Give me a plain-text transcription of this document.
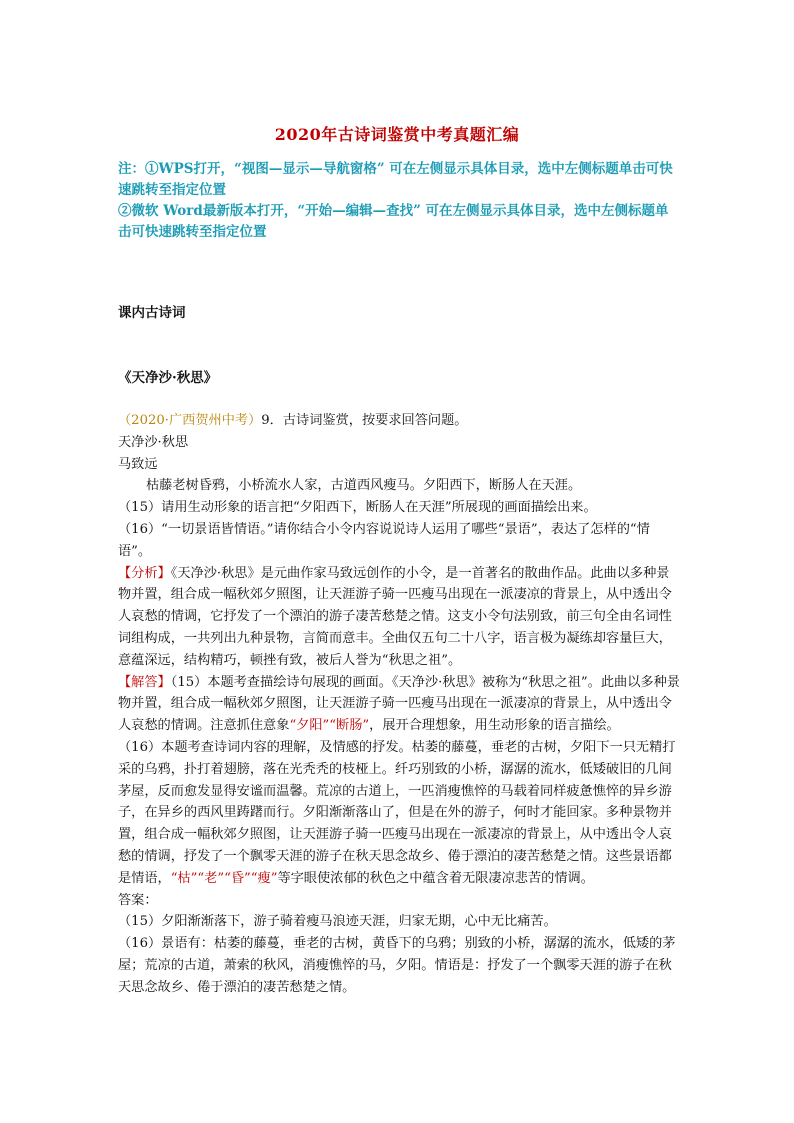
2020年古诗词鉴赏中考真题汇编
注：①WPS打开，“视图—显示—导航窗格” 可在左侧显示具体目录，选中左侧标题单击可快速跳转至指定位置
②微软 Word最新版本打开，“开始—编辑—查找” 可在左侧显示具体目录，选中左侧标题单击可快速跳转至指定位置
课内古诗词
《天净沙·秋思》

（2020·广西贺州中考）9．古诗词鉴赏，按要求回答问题。

天净沙·秋思

马致远

枯藤老树昏鸦，小桥流水人家，古道西风瘦马。夕阳西下，断肠人在天涯。

（15）请用生动形象的语言把“夕阳西下，断肠人在天涯”所展现的画面描绘出来。

（16）“一切景语皆情语。”请你结合小令内容说说诗人运用了哪些“景语”，表达了怎样的“情语”。

【分析】《天净沙·秋思》是元曲作家马致远创作的小令，是一首著名的散曲作品。此曲以多种景物并置，组合成一幅秋郊夕照图，让天涯游子骑一匹瘦马出现在一派凄凉的背景上，从中透出令人哀愁的情调，它抒发了一个漂泊的游子凄苦愁楚之情。这支小令句法别致，前三句全由名词性词组构成，一共列出九种景物，言简而意丰。全曲仅五句二十八字，语言极为凝练却容量巨大，意蕴深远，结构精巧，顿挫有致，被后人誉为“秋思之祖”。

【解答】（15）本题考查描绘诗句展现的画面。《天净沙·秋思》被称为“秋思之祖”。此曲以多种景物并置，组合成一幅秋郊夕照图，让天涯游子骑一匹瘦马出现在一派凄凉的背景上，从中透出令人哀愁的情调。注意抓住意象“夕阳”“断肠”，展开合理想象，用生动形象的语言描绘。

（16）本题考查诗词内容的理解，及情感的抒发。枯萎的藤蔓，垂老的古树，夕阳下一只无精打采的乌鸦，扑打着翅膀，落在光秃秃的枝桠上。纤巧别致的小桥，潺潺的流水，低矮破旧的几间茅屋，反而愈发显得安谧而温馨。荒凉的古道上，一匹消瘦憔悴的马载着同样疲惫憔悴的异乡游子，在异乡的西风里踌躇而行。夕阳渐渐落山了，但是在外的游子，何时才能回家。多种景物并置，组合成一幅秋郊夕照图，让天涯游子骑一匹瘦马出现在一派凄凉的背景上，从中透出令人哀愁的情调，抒发了一个飘零天涯的游子在秋天思念故乡、倦于漂泊的凄苦愁楚之情。这些景语都是情语，“枯”“老”“昏”“瘦”等字眼使浓郁的秋色之中蕴含着无限凄凉悲苦的情调。

答案：

（15）夕阳渐渐落下，游子骑着瘦马浪迹天涯，归家无期，心中无比痛苦。

（16）景语有：枯萎的藤蔓，垂老的古树，黄昏下的乌鸦；别致的小桥，潺潺的流水，低矮的茅屋；荒凉的古道，萧索的秋风，消瘦憔悴的马，夕阳。情语是：抒发了一个飘零天涯的游子在秋天思念故乡、倦于漂泊的凄苦愁楚之情。
